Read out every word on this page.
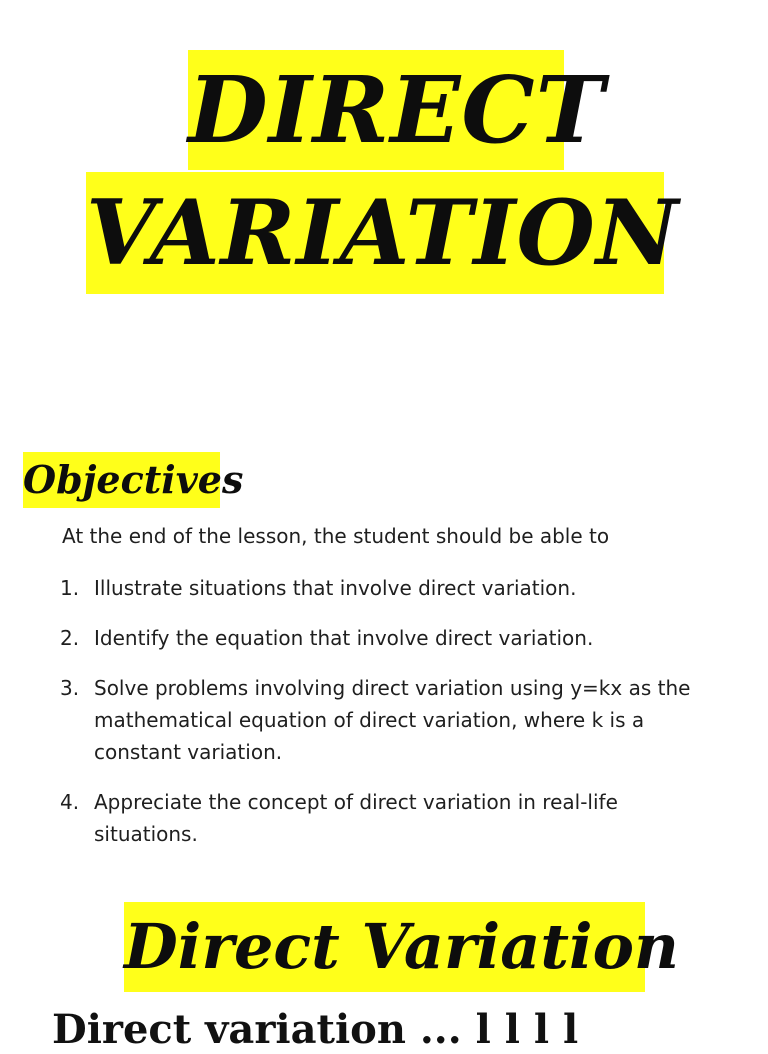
DIRECT
VARIATION
Objectives
At the end of the lesson, the student should be able to
1. Illustrate situations that involve direct variation.
2. Identify the equation that involve direct variation.
3. Solve problems involving direct variation using y=kx as the mathematical equation of direct variation, where k is a constant variation.
4. Appreciate the concept of direct variation in real-life situations.
Direct Variation
Direct variation ... l l l l
